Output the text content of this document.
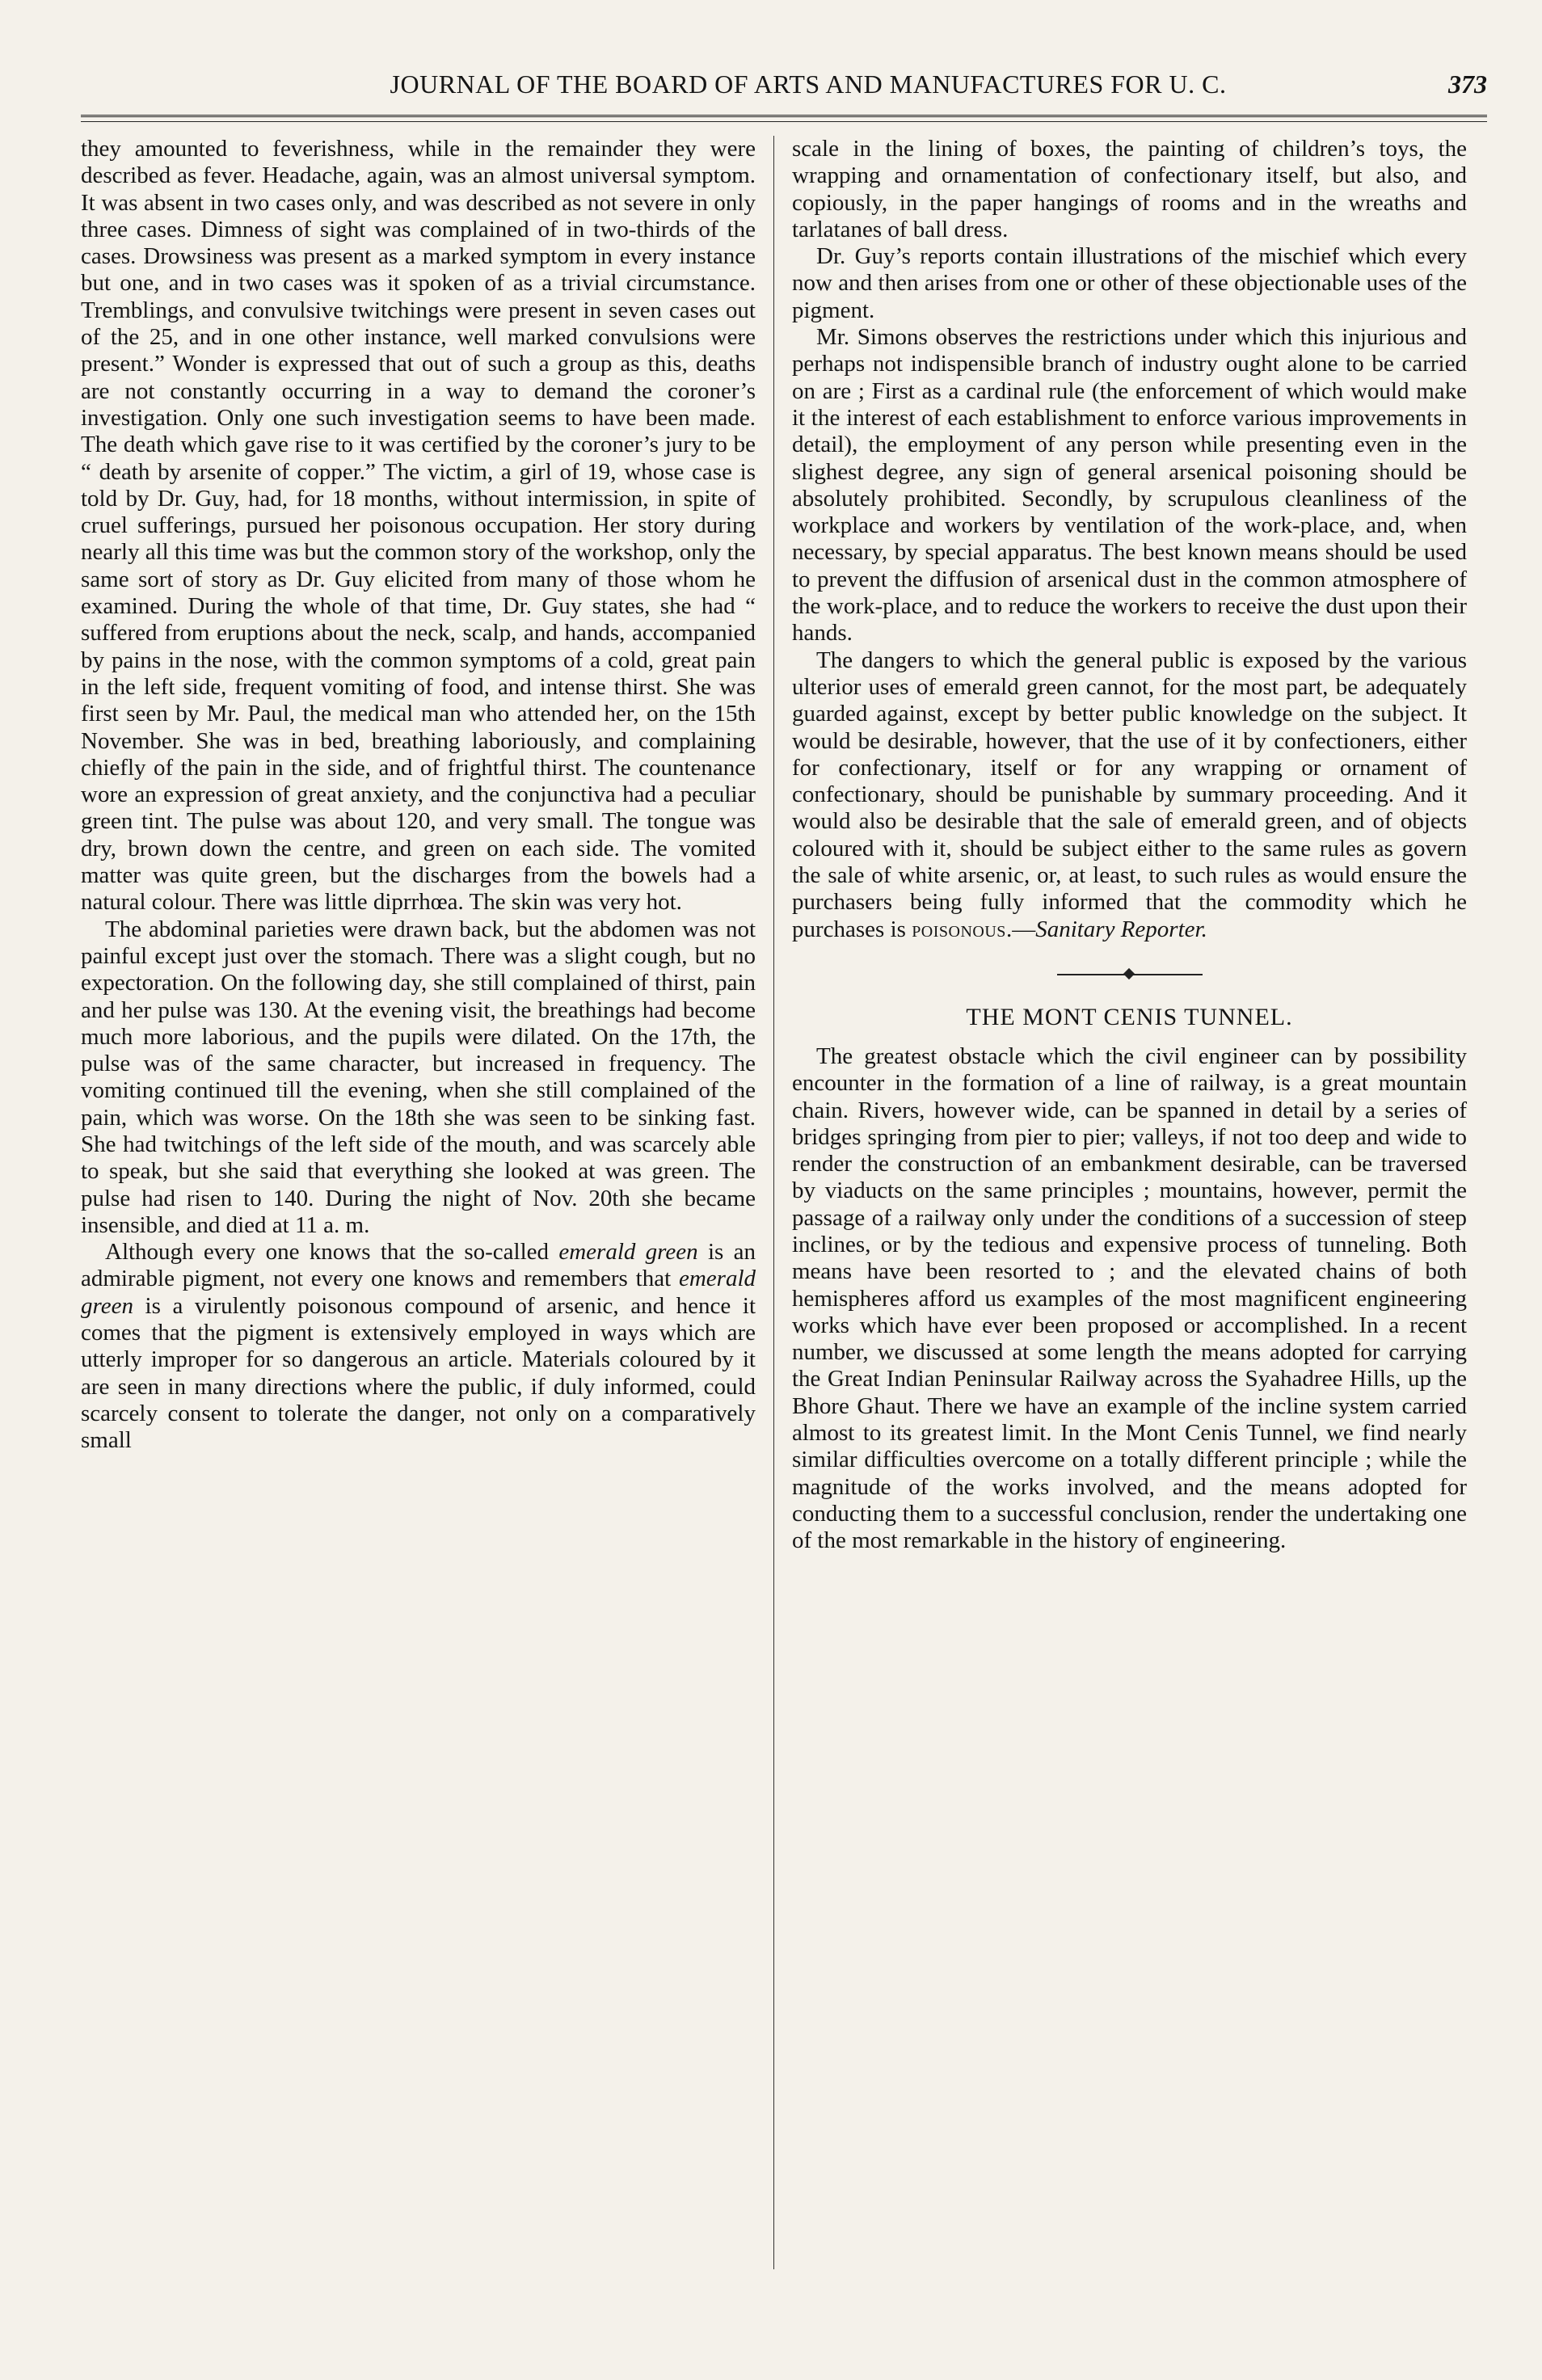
JOURNAL OF THE BOARD OF ARTS AND MANUFACTURES FOR U. C.	373

they amounted to feverishness, while in the remainder they were described as fever. Headache, again, was an almost universal symptom. It was absent in two cases only, and was described as not severe in only three cases. Dimness of sight was complained of in two-thirds of the cases. Drowsiness was present as a marked symptom in every instance but one, and in two cases was it spoken of as a trivial circumstance. Tremblings, and convulsive twitchings were present in seven cases out of the 25, and in one other instance, well marked convulsions were present.” Wonder is expressed that out of such a group as this, deaths are not constantly occurring in a way to demand the coroner’s investigation. Only one such investigation seems to have been made. The death which gave rise to it was certified by the coroner’s jury to be “ death by arsenite of copper.” The victim, a girl of 19, whose case is told by Dr. Guy, had, for 18 months, without intermission, in spite of cruel sufferings, pursued her poisonous occupation. Her story during nearly all this time was but the common story of the workshop, only the same sort of story as Dr. Guy elicited from many of those whom he examined. During the whole of that time, Dr. Guy states, she had “ suffered from eruptions about the neck, scalp, and hands, accompanied by pains in the nose, with the common symptoms of a cold, great pain in the left side, frequent vomiting of food, and intense thirst. She was first seen by Mr. Paul, the medical man who attended her, on the 15th November. She was in bed, breathing laboriously, and complaining chiefly of the pain in the side, and of frightful thirst. The countenance wore an expression of great anxiety, and the conjunctiva had a peculiar green tint. The pulse was about 120, and very small. The tongue was dry, brown down the centre, and green on each side. The vomited matter was quite green, but the discharges from the bowels had a natural colour. There was little diprrhœa. The skin was very hot.

The abdominal parieties were drawn back, but the abdomen was not painful except just over the stomach. There was a slight cough, but no expectoration. On the following day, she still complained of thirst, pain and her pulse was 130. At the evening visit, the breathings had become much more laborious, and the pupils were dilated. On the 17th, the pulse was of the same character, but increased in frequency. The vomiting continued till the evening, when she still complained of the pain, which was worse. On the 18th she was seen to be sinking fast. She had twitchings of the left side of the mouth, and was scarcely able to speak, but she said that everything she looked at was green. The pulse had risen to 140. During the night of Nov. 20th she became insensible, and died at 11 a. m.

Although every one knows that the so-called emerald green is an admirable pigment, not every one knows and remembers that emerald green is a virulently poisonous compound of arsenic, and hence it comes that the pigment is extensively employed in ways which are utterly improper for so dangerous an article. Materials coloured by it are seen in many directions where the public, if duly informed, could scarcely consent to tolerate the danger, not only on a comparatively small

scale in the lining of boxes, the painting of children’s toys, the wrapping and ornamentation of confectionary itself, but also, and copiously, in the paper hangings of rooms and in the wreaths and tarlatanes of ball dress.

Dr. Guy’s reports contain illustrations of the mischief which every now and then arises from one or other of these objectionable uses of the pigment.

Mr. Simons observes the restrictions under which this injurious and perhaps not indispensible branch of industry ought alone to be carried on are ; First as a cardinal rule (the enforcement of which would make it the interest of each establishment to enforce various improvements in detail), the employment of any person while presenting even in the slighest degree, any sign of general arsenical poisoning should be absolutely prohibited. Secondly, by scrupulous cleanliness of the workplace and workers by ventilation of the work-place, and, when necessary, by special apparatus. The best known means should be used to prevent the diffusion of arsenical dust in the common atmosphere of the work-place, and to reduce the workers to receive the dust upon their hands.

The dangers to which the general public is exposed by the various ulterior uses of emerald green cannot, for the most part, be adequately guarded against, except by better public knowledge on the subject. It would be desirable, however, that the use of it by confectioners, either for confectionary, itself or for any wrapping or ornament of confectionary, should be punishable by summary proceeding. And it would also be desirable that the sale of emerald green, and of objects coloured with it, should be subject either to the same rules as govern the sale of white arsenic, or, at least, to such rules as would ensure the purchasers being fully informed that the commodity which he purchases is poisonous.—Sanitary Reporter.

THE MONT CENIS TUNNEL.

The greatest obstacle which the civil engineer can by possibility encounter in the formation of a line of railway, is a great mountain chain. Rivers, however wide, can be spanned in detail by a series of bridges springing from pier to pier; valleys, if not too deep and wide to render the construction of an embankment desirable, can be traversed by viaducts on the same principles ; mountains, however, permit the passage of a railway only under the conditions of a succession of steep inclines, or by the tedious and expensive process of tunneling. Both means have been resorted to ; and the elevated chains of both hemispheres afford us examples of the most magnificent engineering works which have ever been proposed or accomplished. In a recent number, we discussed at some length the means adopted for carrying the Great Indian Peninsular Railway across the Syahadree Hills, up the Bhore Ghaut. There we have an example of the incline system carried almost to its greatest limit. In the Mont Cenis Tunnel, we find nearly similar difficulties overcome on a totally different principle ; while the magnitude of the works involved, and the means adopted for conducting them to a successful conclusion, render the undertaking one of the most remarkable in the history of engineering.
